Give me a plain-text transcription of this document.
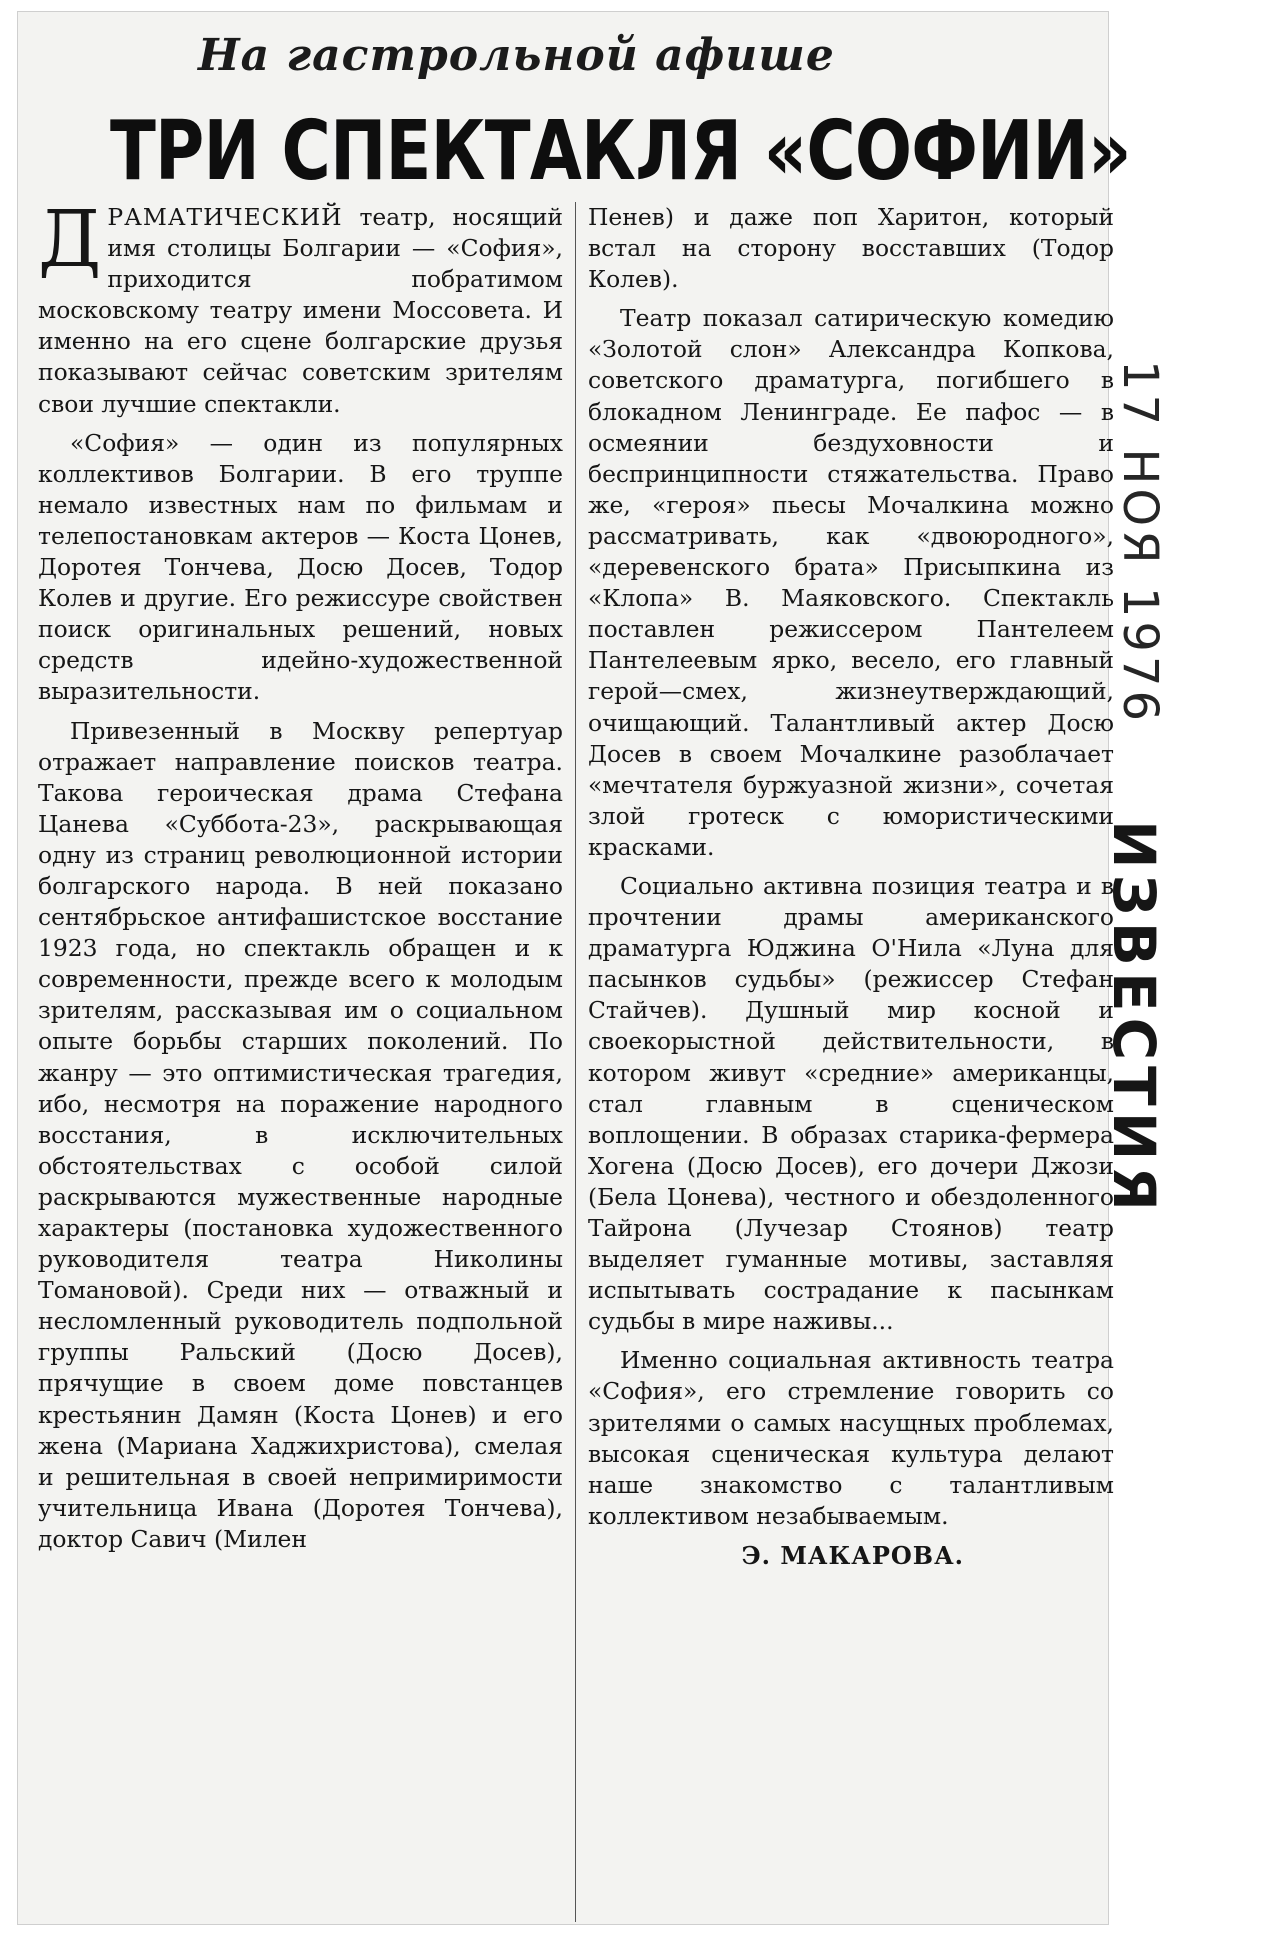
На гастрольной афише
ТРИ СПЕКТАКЛЯ «СОФИИ»

ДРАМАТИЧЕСКИЙ театр, носящий имя столицы Болгарии — «София», приходится побратимом московскому театру имени Моссовета. И именно на его сцене болгарские друзья показывают сейчас советским зрителям свои лучшие спектакли.

«София» — один из популярных коллективов Болгарии. В его труппе немало известных нам по фильмам и телепостановкам актеров — Коста Цонев, Доротея Тончева, Досю Досев, Тодор Колев и другие. Его режиссуре свойствен поиск оригинальных решений, новых средств идейно-художественной выразительности.

Привезенный в Москву репертуар отражает направление поисков театра. Такова героическая драма Стефана Цанева «Суббота-23», раскрывающая одну из страниц революционной истории болгарского народа. В ней показано сентябрьское антифашистское восстание 1923 года, но спектакль обращен и к современности, прежде всего к молодым зрителям, рассказывая им о социальном опыте борьбы старших поколений. По жанру — это оптимистическая трагедия, ибо, несмотря на поражение народного восстания, в исключительных обстоятельствах с особой силой раскрываются мужественные народные характеры (постановка художественного руководителя театра Николины Томановой). Среди них — отважный и несломленный руководитель подпольной группы Ральский (Досю Досев), прячущие в своем доме повстанцев крестьянин Дамян (Коста Цонев) и его жена (Мариана Хаджихристова), смелая и решительная в своей непримиримости учительница Ивана (Доротея Тончева), доктор Савич (Милен

Пенев) и даже поп Харитон, который встал на сторону восставших (Тодор Колев).

Театр показал сатирическую комедию «Золотой слон» Александра Копкова, советского драматурга, погибшего в блокадном Ленинграде. Ее пафос — в осмеянии бездуховности и беспринципности стяжательства. Право же, «героя» пьесы Мочалкина можно рассматривать, как «двоюродного», «деревенского брата» Присыпкина из «Клопа» В. Маяковского. Спектакль поставлен режиссером Пантелеем Пантелеевым ярко, весело, его главный герой—смех, жизнеутверждающий, очищающий. Талантливый актер Досю Досев в своем Мочалкине разоблачает «мечтателя буржуазной жизни», сочетая злой гротеск с юмористическими красками.

Социально активна позиция театра и в прочтении драмы американского драматурга Юджина О'Нила «Луна для пасынков судьбы» (режиссер Стефан Стайчев). Душный мир косной и своекорыстной действительности, в котором живут «средние» американцы, стал главным в сценическом воплощении. В образах старика-фермера Хогена (Досю Досев), его дочери Джози (Бела Цонева), честного и обездоленного Тайрона (Лучезар Стоянов) театр выделяет гуманные мотивы, заставляя испытывать сострадание к пасынкам судьбы в мире наживы...

Именно социальная активность театра «София», его стремление говорить со зрителями о самых насущных проблемах, высокая сценическая культура делают наше знакомство с талантливым коллективом незабываемым.

Э. МАКАРОВА.
17 НОЯ 1976
ИЗВЕСТИЯ
